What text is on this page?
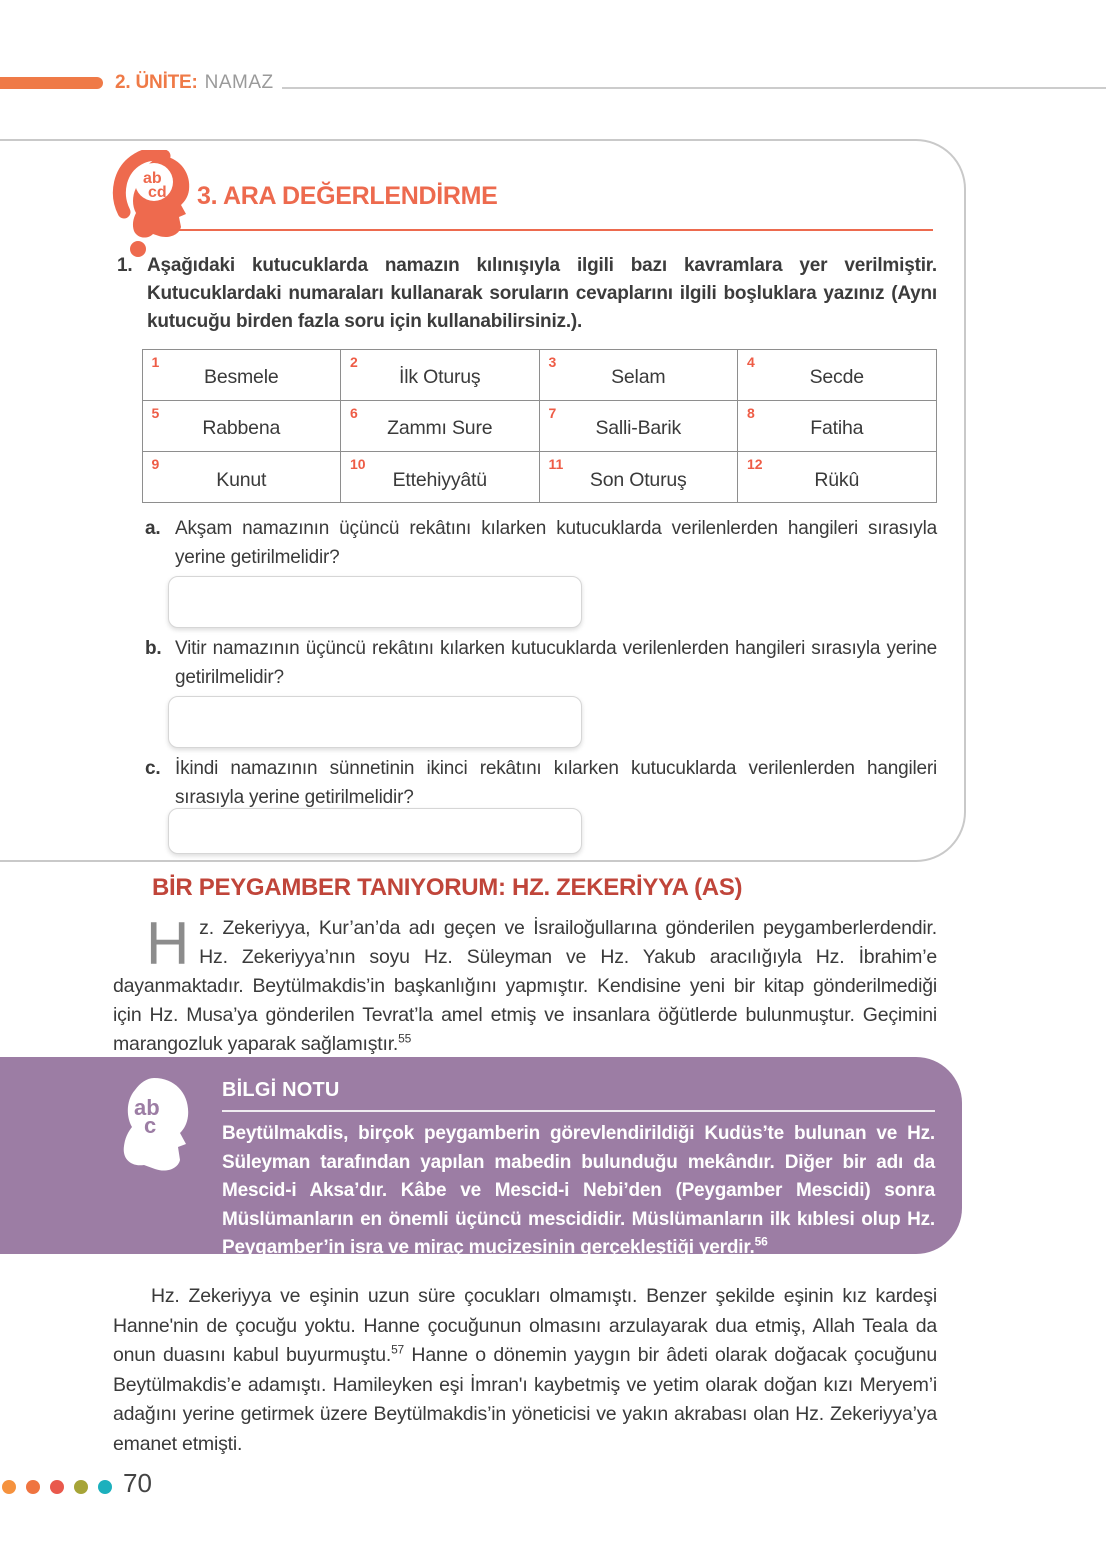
2. ÜNİTE: NAMAZ
ab
cd 3. ARA DEĞERLENDİRME
1. Aşağıdaki kutucuklarda namazın kılınışıyla ilgili bazı kavramlara yer verilmiştir. Kutucuklardaki numaraları kullanarak soruların cevaplarını ilgili boşluklara yazınız (Aynı kutucuğu birden fazla soru için kullanabilirsiniz.).
1
Besmele
2
İlk Oturuş
3
Selam
4
Secde
5
Rabbena
6
Zammı Sure
7
Salli-Barik
8
Fatiha
9
Kunut
10
Ettehiyyâtü
11
Son Oturuş
12
Rükû
a. Akşam namazının üçüncü rekâtını kılarken kutucuklarda verilenlerden hangileri sırasıyla yerine getirilmelidir?
b. Vitir namazının üçüncü rekâtını kılarken kutucuklarda verilenlerden hangileri sırasıyla yerine getirilmelidir?
c. İkindi namazının sünnetinin ikinci rekâtını kılarken kutucuklarda verilenlerden hangileri sırasıyla yerine getirilmelidir?
BİR PEYGAMBER TANIYORUM: HZ. ZEKERİYYA (AS)
Hz. Zekeriyya, Kur’an’da adı geçen ve İsrailoğullarına gönderilen peygamberlerdendir. Hz. Zekeriyya’nın soyu Hz. Süleyman ve Hz. Yakub aracılığıyla Hz. İbrahim’e dayanmaktadır. Beytülmakdis’in başkanlığını yapmıştır. Kendisine yeni bir kitap gönderilmediği için Hz. Musa’ya gönderilen Tevrat’la amel etmiş ve insanlara öğütlerde bulunmuştur. Geçimini marangozluk yaparak sağlamıştır.$^{55}$
ab
c
BİLGİ NOTU
Beytülmakdis, birçok peygamberin görevlendirildiği Kudüs’te bulunan ve Hz. Süleyman tarafından yapılan mabedin bulunduğu mekândır. Diğer bir adı da Mescid-i Aksa’dır. Kâbe ve Mescid-i Nebi’den (Peygamber Mescidi) sonra Müslümanların en önemli üçüncü mescididir. Müslümanların ilk kıblesi olup Hz. Peygamber’in isra ve miraç mucizesinin gerçekleştiği yerdir.$^{56}$
Hz. Zekeriyya ve eşinin uzun süre çocukları olmamıştı. Benzer şekilde eşinin kız kardeşi Hanne'nin de çocuğu yoktu. Hanne çocuğunun olmasını arzulayarak dua etmiş, Allah Teala da onun duasını kabul buyurmuştu.$^{57}$ Hanne o dönemin yaygın bir âdeti olarak doğacak çocuğunu Beytülmakdis’e adamıştı. Hamileyken eşi İmran'ı kaybetmiş ve yetim olarak doğan kızı Meryem’i adağını yerine getirmek üzere Beytülmakdis’in yöneticisi ve yakın akrabası olan Hz. Zekeriyya’ya emanet etmişti.
70
